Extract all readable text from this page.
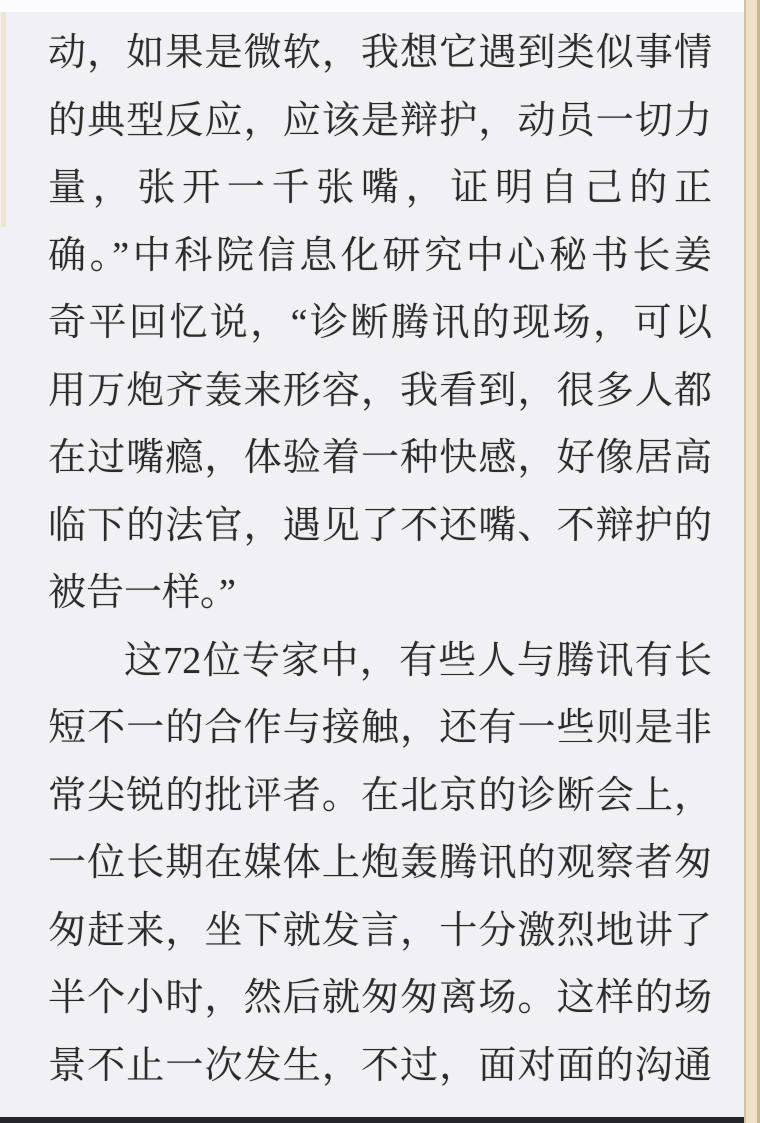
动，如果是微软，我想它遇到类似事情
的典型反应，应该是辩护，动员一切力
量，张开一千张嘴，证明自己的正
确。”中科院信息化研究中心秘书长姜
奇平回忆说，“诊断腾讯的现场，可以
用万炮齐轰来形容，我看到，很多人都
在过嘴瘾，体验着一种快感，好像居高
临下的法官，遇见了不还嘴、不辩护的
被告一样。”
这72位专家中，有些人与腾讯有长
短不一的合作与接触，还有一些则是非
常尖锐的批评者。在北京的诊断会上，
一位长期在媒体上炮轰腾讯的观察者匆
匆赶来，坐下就发言，十分激烈地讲了
半个小时，然后就匆匆离场。这样的场
景不止一次发生，不过，面对面的沟通
